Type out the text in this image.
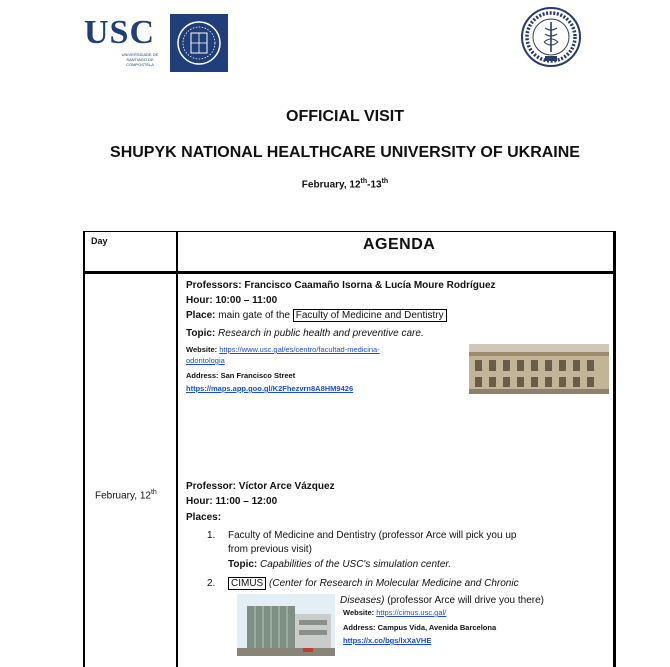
USC
UNIVERSIDADE DE SANTIAGO DE COMPOSTELA
OFFICIAL VISIT
SHUPYK NATIONAL HEALTHCARE UNIVERSITY OF UKRAINE
February, 12th-13th
Day	AGENDA
February, 12th
Professors: Francisco Caamaño Isorna & Lucía Moure Rodríguez
Hour: 10:00 – 11:00
Place: main gate of the Faculty of Medicine and Dentistry
Topic: Research in public health and preventive care.
Website: https://www.usc.gal/es/centro/facultad-medicina-
odontologia
Address: San Francisco Street
https://maps.app.goo.gl/K2Fhezvrn8A8HM9426
Professor: Víctor Arce Vázquez
Hour: 11:00 – 12:00
Places:
1. Faculty of Medicine and Dentistry (professor Arce will pick you up
from previous visit)
Topic: Capabilities of the USC's simulation center.
2.	CIMUS (Center for Research in Molecular Medicine and Chronic
Diseases) (professor Arce will drive you there)
Website: https://cimus.usc.gal/
Address: Campus Vida, Avenida Barcelona
https://x.co/bgs/lxXaVHE
